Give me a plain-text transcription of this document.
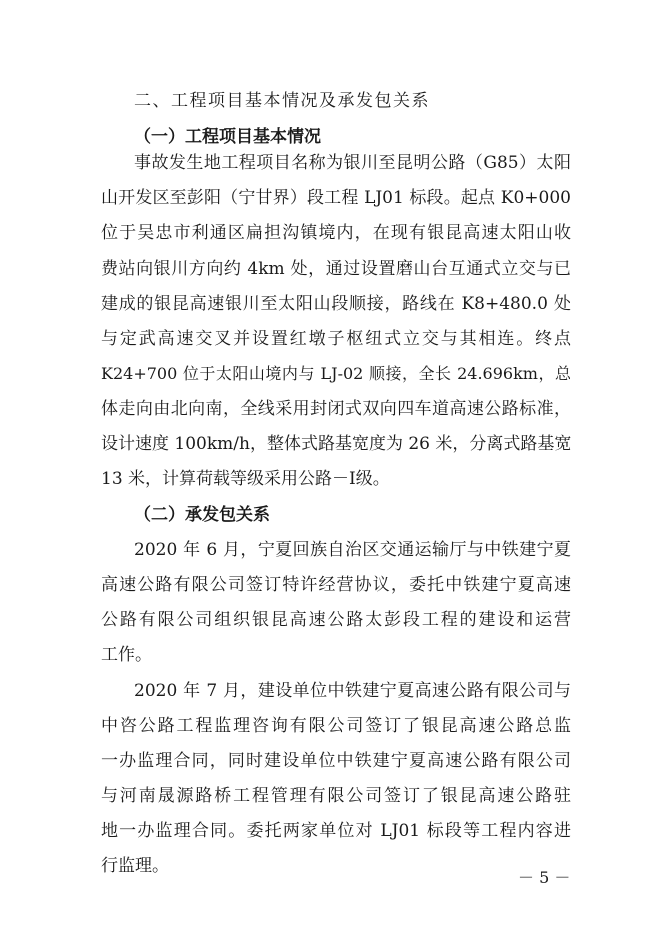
二、工程项目基本情况及承发包关系
（一）工程项目基本情况
事故发生地工程项目名称为银川至昆明公路（G85）太阳
山开发区至彭阳（宁甘界）段工程 LJ01 标段。起点 K0+000
位于吴忠市利通区扁担沟镇境内，在现有银昆高速太阳山收
费站向银川方向约 4km 处，通过设置磨山台互通式立交与已
建成的银昆高速银川至太阳山段顺接，路线在 K8+480.0 处
与定武高速交叉并设置红墩子枢纽式立交与其相连。终点
K24+700 位于太阳山境内与 LJ-02 顺接，全长 24.696km，总
体走向由北向南，全线采用封闭式双向四车道高速公路标准，
设计速度 100km/h，整体式路基宽度为 26 米，分离式路基宽
13 米，计算荷载等级采用公路－Ⅰ级。
（二）承发包关系
2020 年 6 月，宁夏回族自治区交通运输厅与中铁建宁夏
高速公路有限公司签订特许经营协议，委托中铁建宁夏高速
公路有限公司组织银昆高速公路太彭段工程的建设和运营
工作。
2020 年 7 月，建设单位中铁建宁夏高速公路有限公司与
中咨公路工程监理咨询有限公司签订了银昆高速公路总监
一办监理合同，同时建设单位中铁建宁夏高速公路有限公司
与河南晟源路桥工程管理有限公司签订了银昆高速公路驻
地一办监理合同。委托两家单位对 LJ01 标段等工程内容进
行监理。
－ 5 －
